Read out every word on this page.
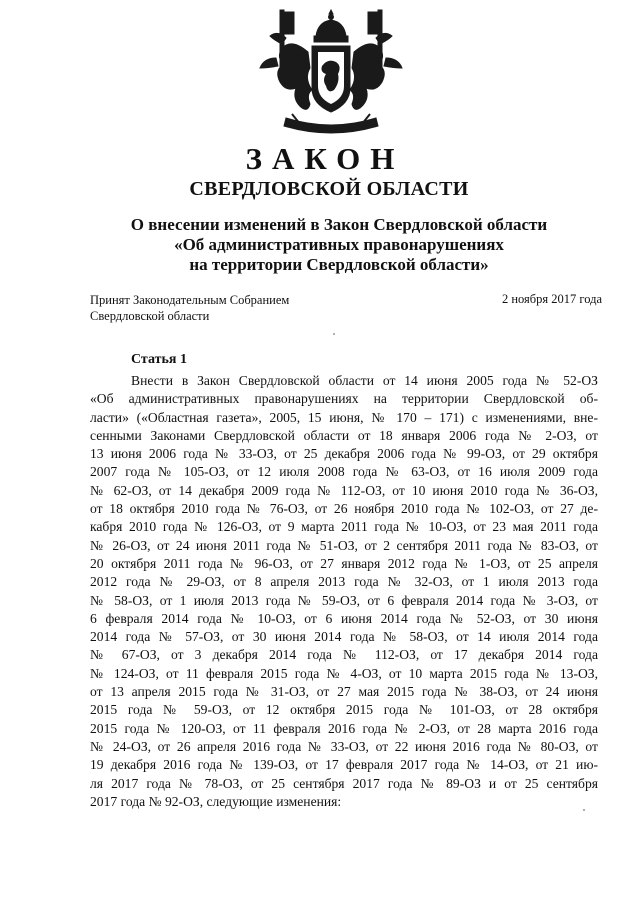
ЗАКОН
СВЕРДЛОВСКОЙ ОБЛАСТИ
О внесении изменений в Закон Свердловской области
«Об административных правонарушениях
на территории Свердловской области»
Принят Законодательным Собранием
Свердловской области
2 ноября 2017 года
Статья 1
Внести в Закон Свердловской области от 14 июня 2005 года № 52-ОЗ
«Об административных правонарушениях на территории Свердловской об-
ласти» («Областная газета», 2005, 15 июня, № 170 – 171) с изменениями, вне-
сенными Законами Свердловской области от 18 января 2006 года № 2-ОЗ, от
13 июня 2006 года № 33-ОЗ, от 25 декабря 2006 года № 99-ОЗ, от 29 октября
2007 года № 105-ОЗ, от 12 июля 2008 года № 63-ОЗ, от 16 июля 2009 года
№ 62-ОЗ, от 14 декабря 2009 года № 112-ОЗ, от 10 июня 2010 года № 36-ОЗ,
от 18 октября 2010 года № 76-ОЗ, от 26 ноября 2010 года № 102-ОЗ, от 27 де-
кабря 2010 года № 126-ОЗ, от 9 марта 2011 года № 10-ОЗ, от 23 мая 2011 года
№ 26-ОЗ, от 24 июня 2011 года № 51-ОЗ, от 2 сентября 2011 года № 83-ОЗ, от
20 октября 2011 года № 96-ОЗ, от 27 января 2012 года № 1-ОЗ, от 25 апреля
2012 года № 29-ОЗ, от 8 апреля 2013 года № 32-ОЗ, от 1 июля 2013 года
№ 58-ОЗ, от 1 июля 2013 года № 59-ОЗ, от 6 февраля 2014 года № 3-ОЗ, от
6 февраля 2014 года № 10-ОЗ, от 6 июня 2014 года № 52-ОЗ, от 30 июня
2014 года № 57-ОЗ, от 30 июня 2014 года № 58-ОЗ, от 14 июля 2014 года
№ 67-ОЗ, от 3 декабря 2014 года № 112-ОЗ, от 17 декабря 2014 года
№ 124-ОЗ, от 11 февраля 2015 года № 4-ОЗ, от 10 марта 2015 года № 13-ОЗ,
от 13 апреля 2015 года № 31-ОЗ, от 27 мая 2015 года № 38-ОЗ, от 24 июня
2015 года № 59-ОЗ, от 12 октября 2015 года № 101-ОЗ, от 28 октября
2015 года № 120-ОЗ, от 11 февраля 2016 года № 2-ОЗ, от 28 марта 2016 года
№ 24-ОЗ, от 26 апреля 2016 года № 33-ОЗ, от 22 июня 2016 года № 80-ОЗ, от
19 декабря 2016 года № 139-ОЗ, от 17 февраля 2017 года № 14-ОЗ, от 21 ию-
ля 2017 года № 78-ОЗ, от 25 сентября 2017 года № 89-ОЗ и от 25 сентября
2017 года № 92-ОЗ, следующие изменения:
